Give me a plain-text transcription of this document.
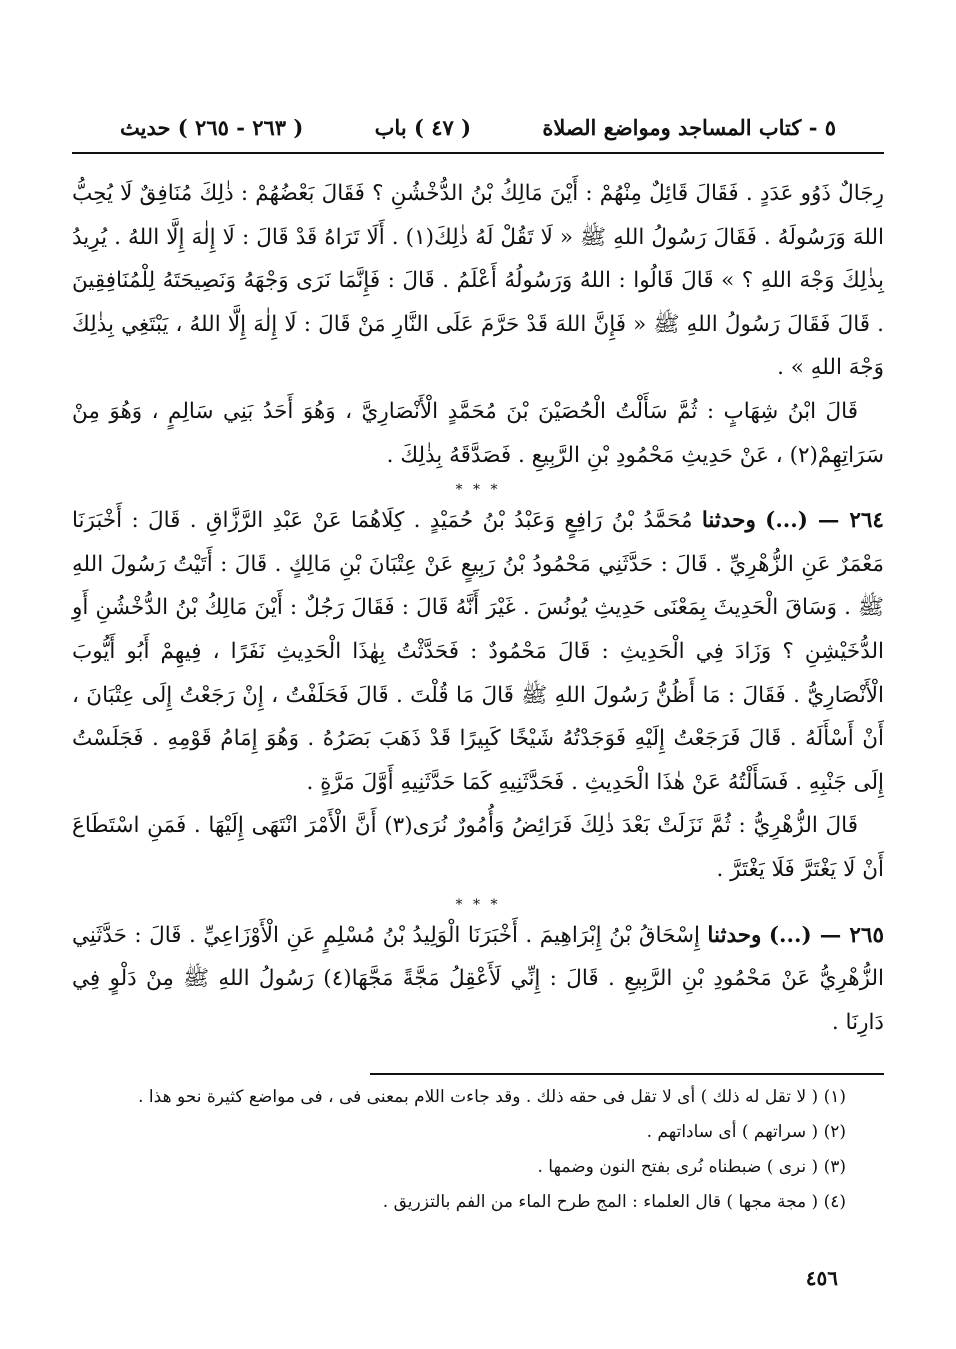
٥ - كتاب المساجد ومواضع الصلاة
( ٤٧ ) باب
( ٢٦٣ - ٢٦٥ ) حديث

رِجَالٌ ذَوُو عَدَدٍ . فَقَالَ قَائِلٌ مِنْهُمْ : أَيْنَ مَالِكُ بْنُ الدُّخْشُنِ ؟ فَقَالَ بَعْضُهُمْ : ذٰلِكَ مُنَافِقٌ لَا يُحِبُّ اللهَ وَرَسُولَهُ . فَقَالَ رَسُولُ اللهِ ﷺ « لَا تَقُلْ لَهُ ذٰلِكَ(١) . أَلَا تَرَاهُ قَدْ قَالَ : لَا إِلٰهَ إِلَّا اللهُ . يُرِيدُ بِذٰلِكَ وَجْهَ اللهِ ؟ » قَالَ قَالُوا : اللهُ وَرَسُولُهُ أَعْلَمُ . قَالَ : فَإِنَّمَا نَرَى وَجْهَهُ وَنَصِيحَتَهُ لِلْمُنَافِقِينَ . قَالَ فَقَالَ رَسُولُ اللهِ ﷺ « فَإِنَّ اللهَ قَدْ حَرَّمَ عَلَى النَّارِ مَنْ قَالَ : لَا إِلٰهَ إِلَّا اللهُ ، يَبْتَغِي بِذٰلِكَ وَجْهَ اللهِ » .

قَالَ ابْنُ شِهَابٍ : ثُمَّ سَأَلْتُ الْحُصَيْنَ بْنَ مُحَمَّدٍ الْأَنْصَارِيَّ ، وَهُوَ أَحَدُ بَنِي سَالِمٍ ، وَهُوَ مِنْ سَرَاتِهِمْ(٢) ، عَنْ حَدِيثِ مَحْمُودِ بْنِ الرَّبِيعِ . فَصَدَّقَهُ بِذٰلِكَ .

* * *

٢٦٤ — (...) وحدثنا مُحَمَّدُ بْنُ رَافِعٍ وَعَبْدُ بْنُ حُمَيْدٍ . كِلَاهُمَا عَنْ عَبْدِ الرَّزَّاقِ . قَالَ : أَخْبَرَنَا مَعْمَرٌ عَنِ الزُّهْرِيِّ . قَالَ : حَدَّثَنِي مَحْمُودُ بْنُ رَبِيعٍ عَنْ عِتْبَانَ بْنِ مَالِكٍ . قَالَ : أَتَيْتُ رَسُولَ اللهِ ﷺ . وَسَاقَ الْحَدِيثَ بِمَعْنَى حَدِيثِ يُونُسَ . غَيْرَ أَنَّهُ قَالَ : فَقَالَ رَجُلٌ : أَيْنَ مَالِكُ بْنُ الدُّخْشُنِ أَوِ الدُّخَيْشِنِ ؟ وَزَادَ فِي الْحَدِيثِ : قَالَ مَحْمُودٌ : فَحَدَّثْتُ بِهٰذَا الْحَدِيثِ نَفَرًا ، فِيهِمْ أَبُو أَيُّوبَ الْأَنْصَارِيُّ . فَقَالَ : مَا أَظُنُّ رَسُولَ اللهِ ﷺ قَالَ مَا قُلْتَ . قَالَ فَحَلَفْتُ ، إِنْ رَجَعْتُ إِلَى عِتْبَانَ ، أَنْ أَسْأَلَهُ . قَالَ فَرَجَعْتُ إِلَيْهِ فَوَجَدْتُهُ شَيْخًا كَبِيرًا قَدْ ذَهَبَ بَصَرُهُ . وَهُوَ إِمَامُ قَوْمِهِ . فَجَلَسْتُ إِلَى جَنْبِهِ . فَسَأَلْتُهُ عَنْ هٰذَا الْحَدِيثِ . فَحَدَّثَنِيهِ كَمَا حَدَّثَنِيهِ أَوَّلَ مَرَّةٍ .

قَالَ الزُّهْرِيُّ : ثُمَّ نَزَلَتْ بَعْدَ ذٰلِكَ فَرَائِضُ وَأُمُورٌ نُرَى(٣) أَنَّ الْأَمْرَ انْتَهَى إِلَيْهَا . فَمَنِ اسْتَطَاعَ أَنْ لَا يَغْتَرَّ فَلَا يَغْتَرَّ .

* * *

٢٦٥ — (...) وحدثنا إِسْحَاقُ بْنُ إِبْرَاهِيمَ . أَخْبَرَنَا الْوَلِيدُ بْنُ مُسْلِمٍ عَنِ الْأَوْزَاعِيِّ . قَالَ : حَدَّثَنِي الزُّهْرِيُّ عَنْ مَحْمُودِ بْنِ الرَّبِيعِ . قَالَ : إِنِّي لَأَعْقِلُ مَجَّةً مَجَّهَا(٤) رَسُولُ اللهِ ﷺ مِنْ دَلْوٍ فِي دَارِنَا .

(١) ( لا تقل له ذلك ) أى لا تقل فى حقه ذلك . وقد جاءت اللام بمعنى فى ، فى مواضع كثيرة نحو هذا .

(٢) ( سراتهم ) أى ساداتهم .

(٣) ( نرى ) ضبطناه نُرى بفتح النون وضمها .

(٤) ( مجة مجها ) قال العلماء : المج طرح الماء من الفم بالتزريق .

٤٥٦
